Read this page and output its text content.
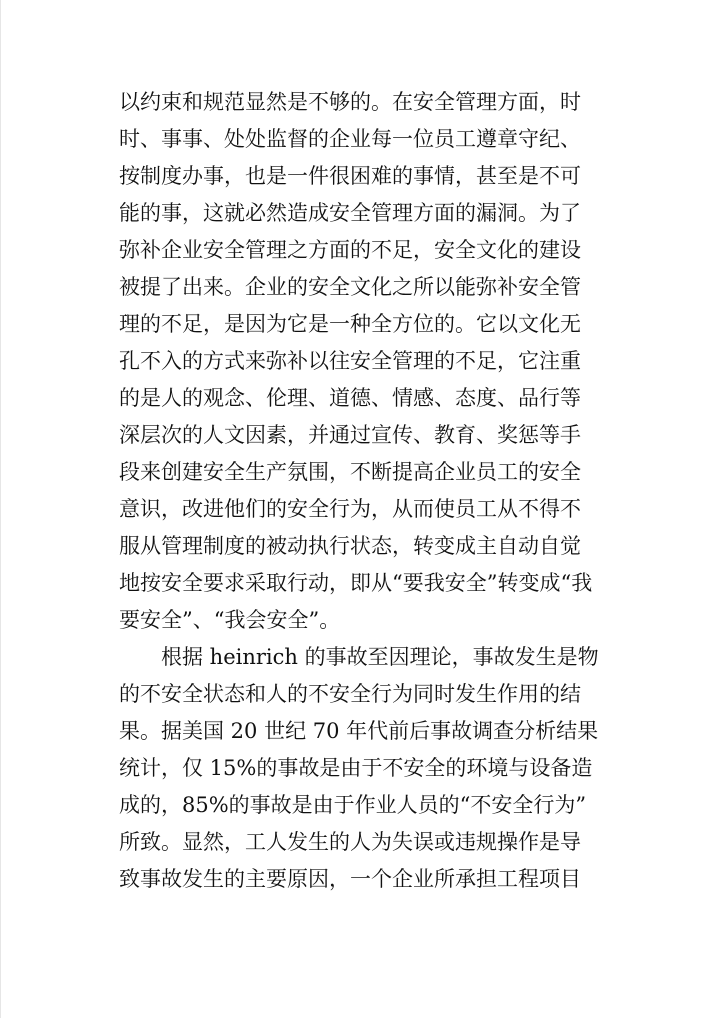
以约束和规范显然是不够的。在安全管理方面，时
时、事事、处处监督的企业每一位员工遵章守纪、
按制度办事，也是一件很困难的事情，甚至是不可
能的事，这就必然造成安全管理方面的漏洞。为了
弥补企业安全管理之方面的不足，安全文化的建设
被提了出来。企业的安全文化之所以能弥补安全管
理的不足，是因为它是一种全方位的。它以文化无
孔不入的方式来弥补以往安全管理的不足，它注重
的是人的观念、伦理、道德、情感、态度、品行等
深层次的人文因素，并通过宣传、教育、奖惩等手
段来创建安全生产氛围，不断提高企业员工的安全
意识，改进他们的安全行为，从而使员工从不得不
服从管理制度的被动执行状态，转变成主自动自觉
地按安全要求采取行动，即从“要我安全”转变成“我
要安全”、“我会安全”。
根据 heinrich 的事故至因理论，事故发生是物
的不安全状态和人的不安全行为同时发生作用的结
果。据美国 20 世纪 70 年代前后事故调查分析结果
统计，仅 15%的事故是由于不安全的环境与设备造
成的，85%的事故是由于作业人员的“不安全行为”
所致。显然，工人发生的人为失误或违规操作是导
致事故发生的主要原因，一个企业所承担工程项目
